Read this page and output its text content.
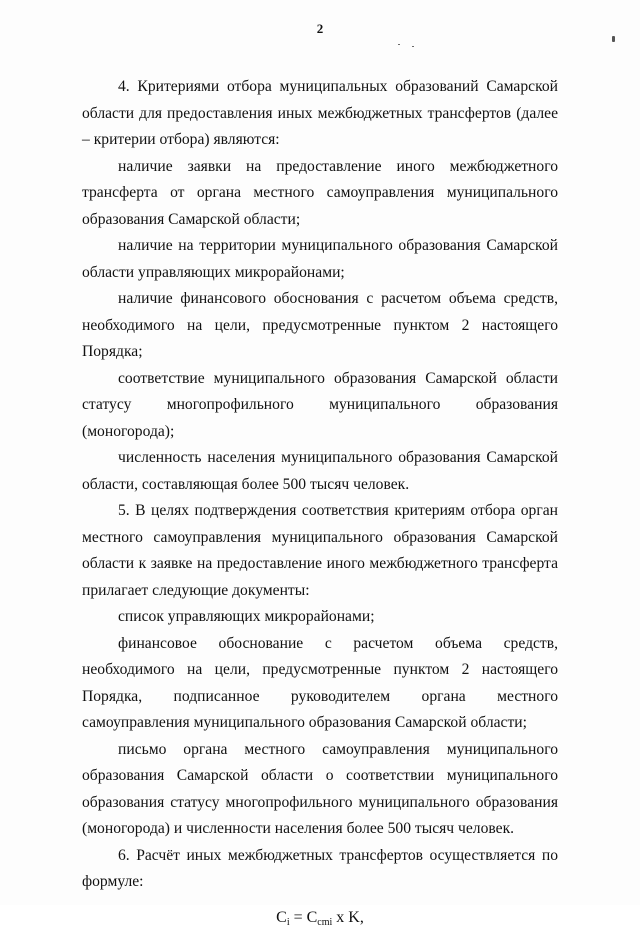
2

4. Критериями отбора муниципальных образований Самарской области для предоставления иных межбюджетных трансфертов (далее – критерии отбора) являются:

наличие заявки на предоставление иного межбюджетного трансферта от органа местного самоуправления муниципального образования Самарской области;

наличие на территории муниципального образования Самарской области управляющих микрорайонами;

наличие финансового обоснования с расчетом объема средств, необходимого на цели, предусмотренные пунктом 2 настоящего Порядка;

соответствие муниципального образования Самарской области статусу многопрофильного муниципального образования (моногорода);

численность населения муниципального образования Самарской области, составляющая более 500 тысяч человек.

5. В целях подтверждения соответствия критериям отбора орган местного самоуправления муниципального образования Самарской области к заявке на предоставление иного межбюджетного трансферта прилагает следующие документы:

список управляющих микрорайонами;

финансовое обоснование с расчетом объема средств, необходимого на цели, предусмотренные пунктом 2 настоящего Порядка, подписанное руководителем органа местного самоуправления муниципального образования Самарской области;

письмо органа местного самоуправления муниципального образования Самарской области о соответствии муниципального образования статусу многопрофильного муниципального образования (моногорода) и численности населения более 500 тысяч человек.

6. Расчёт иных межбюджетных трансфертов осуществляется по формуле:

$C_i = C_{сmi}$ x K,
